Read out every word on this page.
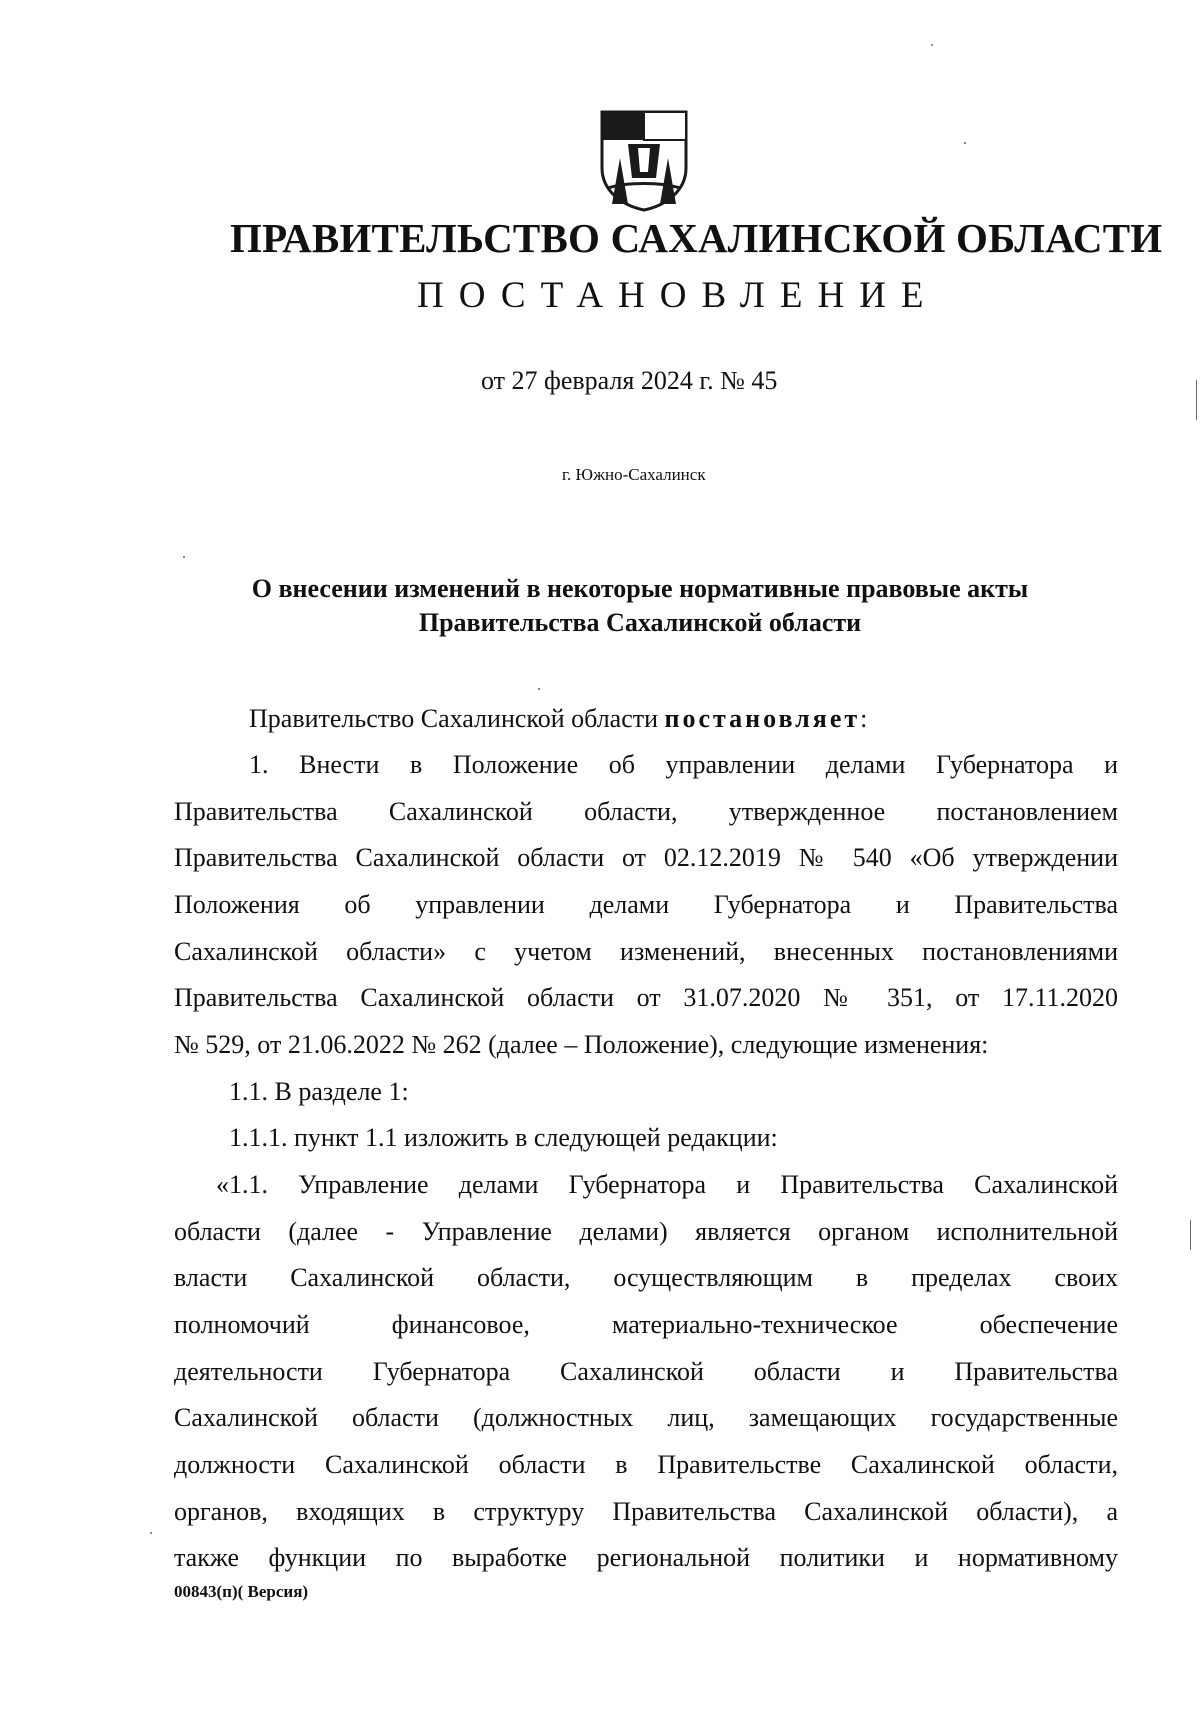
ПРАВИТЕЛЬСТВО САХАЛИНСКОЙ ОБЛАСТИ
ПОСТАНОВЛЕНИЕ
от 27 февраля 2024 г. № 45
г. Южно-Сахалинск
О внесении изменений в некоторые нормативные правовые акты
Правительства Сахалинской области
Правительство Сахалинской области постановляет:
1. Внести в Положение об управлении делами Губернатора и
Правительства Сахалинской области, утвержденное постановлением
Правительства Сахалинской области от 02.12.2019 № 540 «Об утверждении
Положения об управлении делами Губернатора и Правительства
Сахалинской области» с учетом изменений, внесенных постановлениями
Правительства Сахалинской области от 31.07.2020 № 351, от 17.11.2020
№ 529, от 21.06.2022 № 262 (далее – Положение), следующие изменения:
1.1. В разделе 1:
1.1.1. пункт 1.1 изложить в следующей редакции:
«1.1. Управление делами Губернатора и Правительства Сахалинской
области (далее - Управление делами) является органом исполнительной
власти Сахалинской области, осуществляющим в пределах своих
полномочий финансовое, материально-техническое обеспечение
деятельности Губернатора Сахалинской области и Правительства
Сахалинской области (должностных лиц, замещающих государственные
должности Сахалинской области в Правительстве Сахалинской области,
органов, входящих в структуру Правительства Сахалинской области), а
также функции по выработке региональной политики и нормативному
00843(п)( Версия)
